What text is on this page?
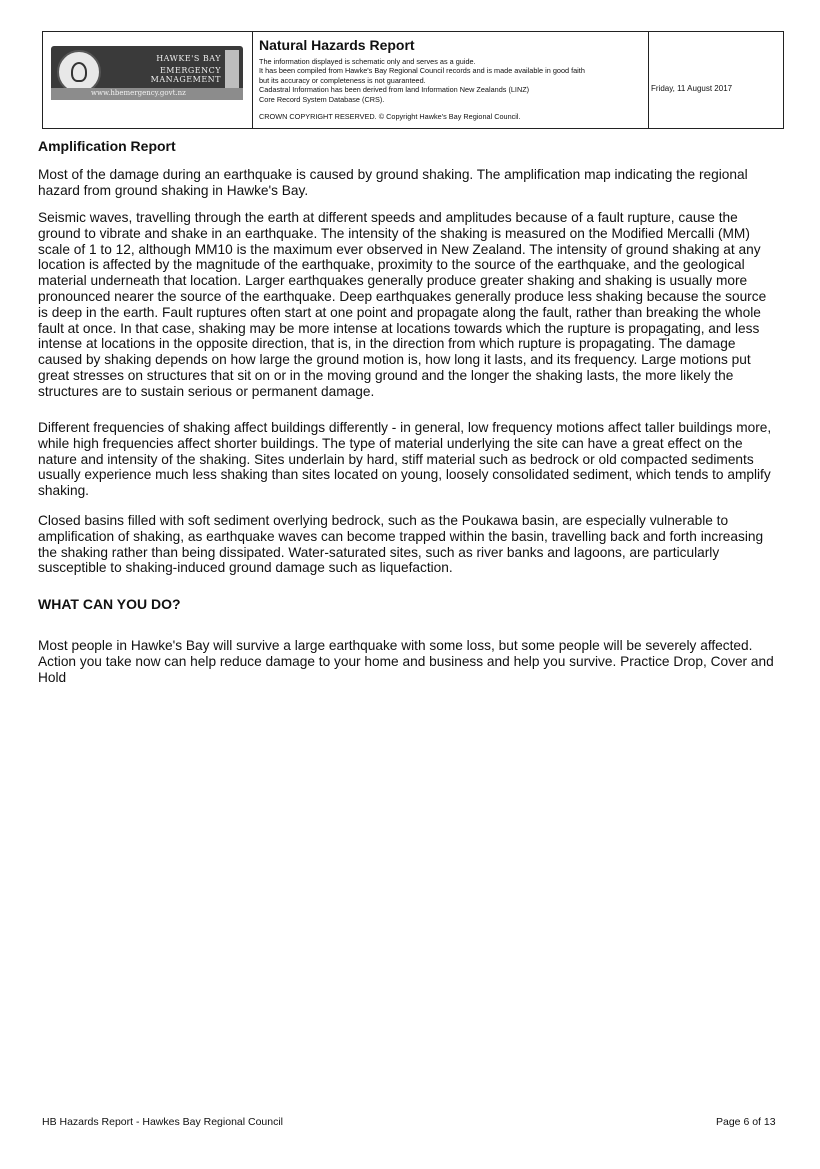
HAWKE'S BAY
EMERGENCY MANAGEMENT
www.hbemergency.govt.nz
Natural Hazards Report
The information displayed is schematic only and serves as a guide.
It has been compiled from Hawke's Bay Regional Council records and is made available in good faith
but its accuracy or completeness is not guaranteed.
Cadastral Information has been derived from land Information New Zealands (LINZ)
Core Record System Database (CRS).
CROWN COPYRIGHT RESERVED. © Copyright Hawke's Bay Regional Council.
Friday, 11 August 2017
Amplification Report
Most of the damage during an earthquake is caused by ground shaking. The amplification map indicating the regional
hazard from ground shaking in Hawke's Bay.
Seismic waves, travelling through the earth at different speeds and amplitudes because of a fault rupture, cause the
ground to vibrate and shake in an earthquake. The intensity of the shaking is measured on the Modified Mercalli (MM)
scale of 1 to 12, although MM10 is the maximum ever observed in New Zealand. The intensity of ground shaking at any
location is affected by the magnitude of the earthquake, proximity to the source of the earthquake, and the geological
material underneath that location. Larger earthquakes generally produce greater shaking and shaking is usually more
pronounced nearer the source of the earthquake. Deep earthquakes generally produce less shaking because the source
is deep in the earth. Fault ruptures often start at one point and propagate along the fault, rather than breaking the whole
fault at once. In that case, shaking may be more intense at locations towards which the rupture is propagating, and less
intense at locations in the opposite direction, that is, in the direction from which rupture is propagating. The damage
caused by shaking depends on how large the ground motion is, how long it lasts, and its frequency. Large motions put
great stresses on structures that sit on or in the moving ground and the longer the shaking lasts, the more likely the
structures are to sustain serious or permanent damage.
Different frequencies of shaking affect buildings differently - in general, low frequency motions affect taller buildings more,
while high frequencies affect shorter buildings. The type of material underlying the site can have a great effect on the
nature and intensity of the shaking. Sites underlain by hard, stiff material such as bedrock or old compacted sediments
usually experience much less shaking than sites located on young, loosely consolidated sediment, which tends to amplify
shaking.
Closed basins filled with soft sediment overlying bedrock, such as the Poukawa basin, are especially vulnerable to
amplification of shaking, as earthquake waves can become trapped within the basin, travelling back and forth increasing
the shaking rather than being dissipated. Water-saturated sites, such as river banks and lagoons, are particularly
susceptible to shaking-induced ground damage such as liquefaction.
WHAT CAN YOU DO?
Most people in Hawke's Bay will survive a large earthquake with some loss, but some people will be severely affected.
Action you take now can help reduce damage to your home and business and help you survive. Practice Drop, Cover and
Hold
HB Hazards Report - Hawkes Bay Regional Council	Page 6 of 13
